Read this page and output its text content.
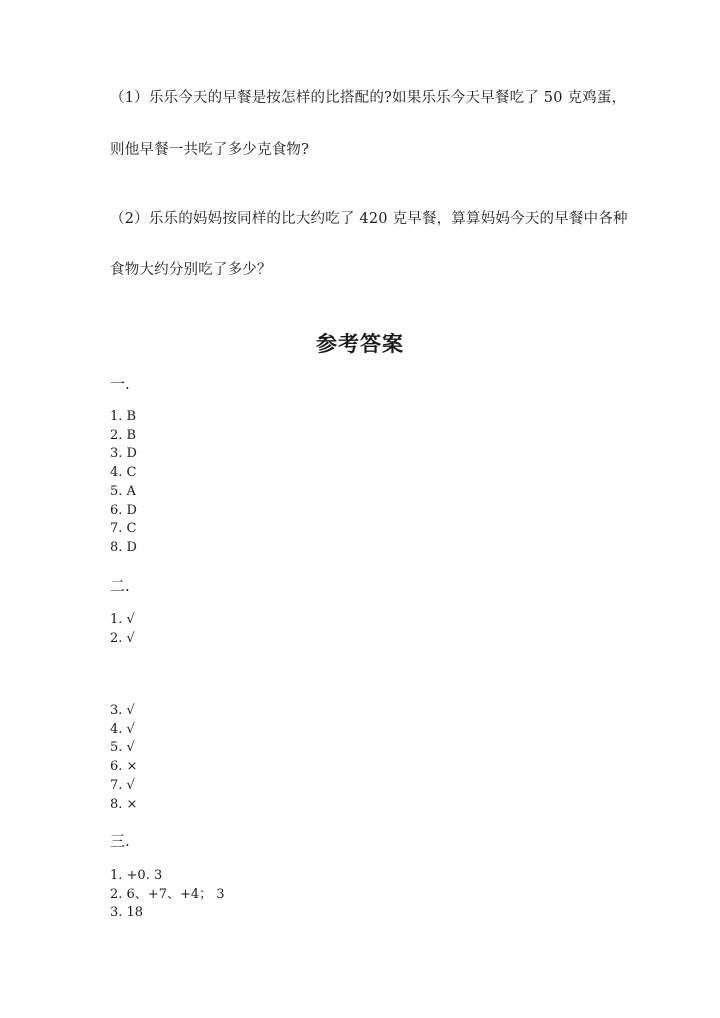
（1）乐乐今天的早餐是按怎样的比搭配的?如果乐乐今天早餐吃了 50 克鸡蛋，
则他早餐一共吃了多少克食物?
（2）乐乐的妈妈按同样的比大约吃了 420 克早餐，算算妈妈今天的早餐中各种
食物大约分别吃了多少？
参考答案
一.
1. B
2. B
3. D
4. C
5. A
6. D
7. C
8. D
二.
1. √
2. √
3. √
4. √
5. √
6. ×
7. √
8. ×
三.
1. +0. 3
2. 6、+7、+4； 3
3. 18
